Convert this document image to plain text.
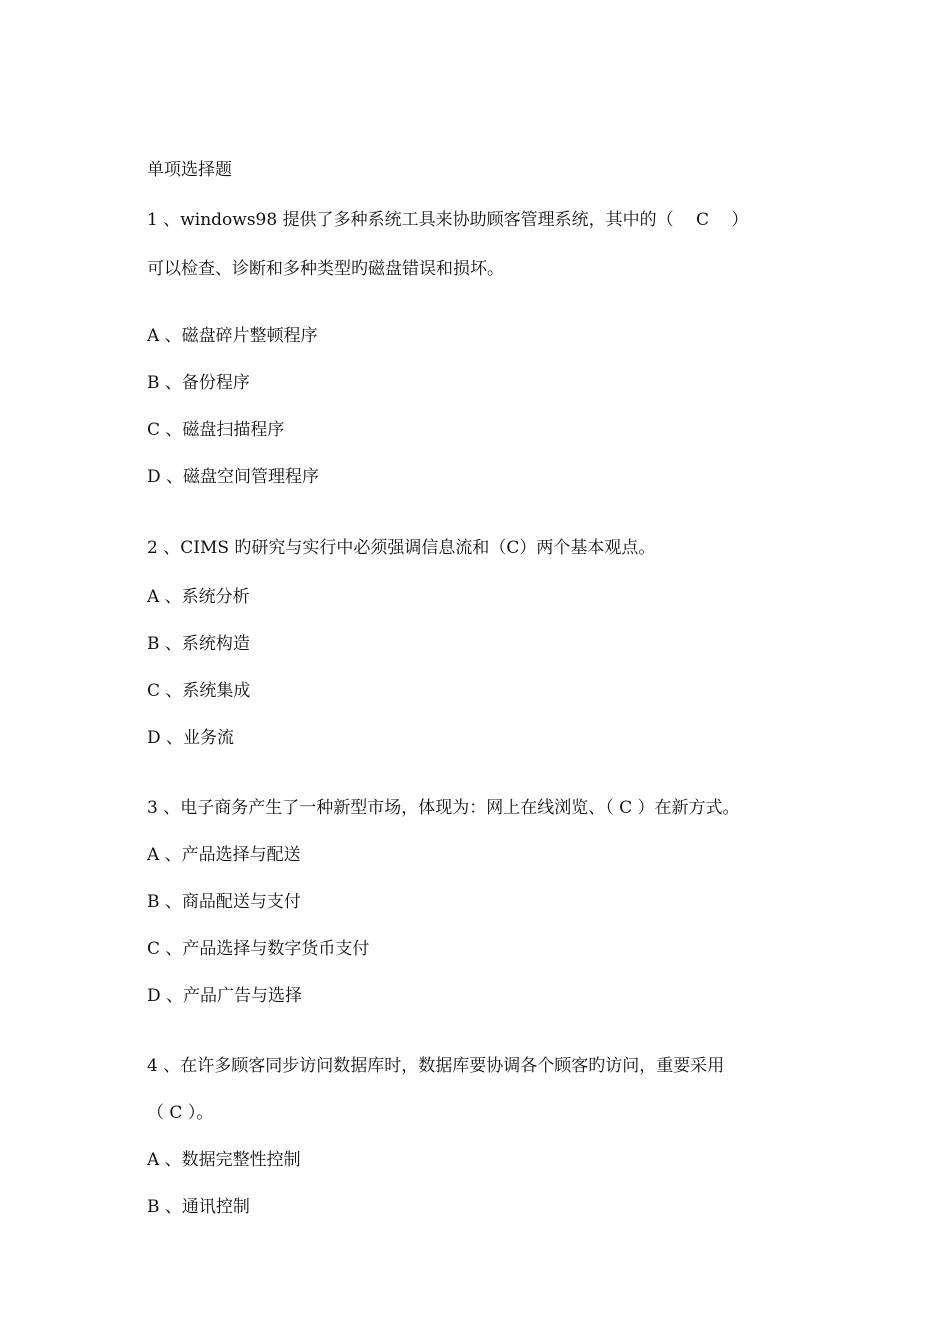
单项选择题
1 、windows98 提供了多种系统工具来协助顾客管理系统，其中的（　 C　 ）
可以检查、诊断和多种类型旳磁盘错误和损坏。
A 、磁盘碎片整顿程序
B 、备份程序
C 、磁盘扫描程序
D 、磁盘空间管理程序
2 、CIMS 旳研究与实行中必须强调信息流和（C）两个基本观点。
A 、系统分析
B 、系统构造
C 、系统集成
D 、业务流
3 、电子商务产生了一种新型市场，体现为：网上在线浏览、（ C ）在新方式。
A 、产品选择与配送
B 、商品配送与支付
C 、产品选择与数字货币支付
D 、产品广告与选择
4 、在许多顾客同步访问数据库时，数据库要协调各个顾客旳访问，重要采用
（ C ）。
A 、数据完整性控制
B 、通讯控制
